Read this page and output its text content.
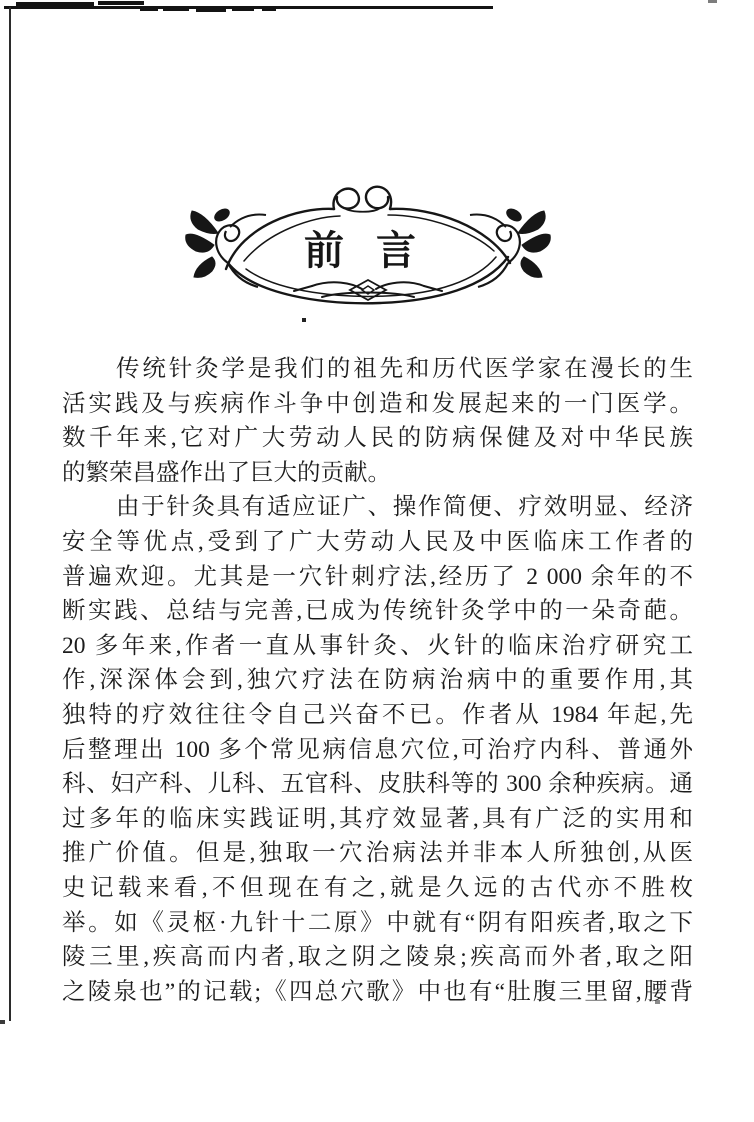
前 言
传统针灸学是我们的祖先和历代医学家在漫长的生
活实践及与疾病作斗争中创造和发展起来的一门医学。
数千年来,它对广大劳动人民的防病保健及对中华民族
的繁荣昌盛作出了巨大的贡献。
由于针灸具有适应证广、操作简便、疗效明显、经济
安全等优点,受到了广大劳动人民及中医临床工作者的
普遍欢迎。尤其是一穴针刺疗法,经历了 2 000 余年的不
断实践、总结与完善,已成为传统针灸学中的一朵奇葩。
20 多年来,作者一直从事针灸、火针的临床治疗研究工
作,深深体会到,独穴疗法在防病治病中的重要作用,其
独特的疗效往往令自己兴奋不已。作者从 1984 年起,先
后整理出 100 多个常见病信息穴位,可治疗内科、普通外
科、妇产科、儿科、五官科、皮肤科等的 300 余种疾病。通
过多年的临床实践证明,其疗效显著,具有广泛的实用和
推广价值。但是,独取一穴治病法并非本人所独创,从医
史记载来看,不但现在有之,就是久远的古代亦不胜枚
举。如《灵枢·九针十二原》中就有“阴有阳疾者,取之下
陵三里,疾高而内者,取之阴之陵泉;疾高而外者,取之阳
之陵泉也”的记载;《四总穴歌》中也有“肚腹三里留,腰背
